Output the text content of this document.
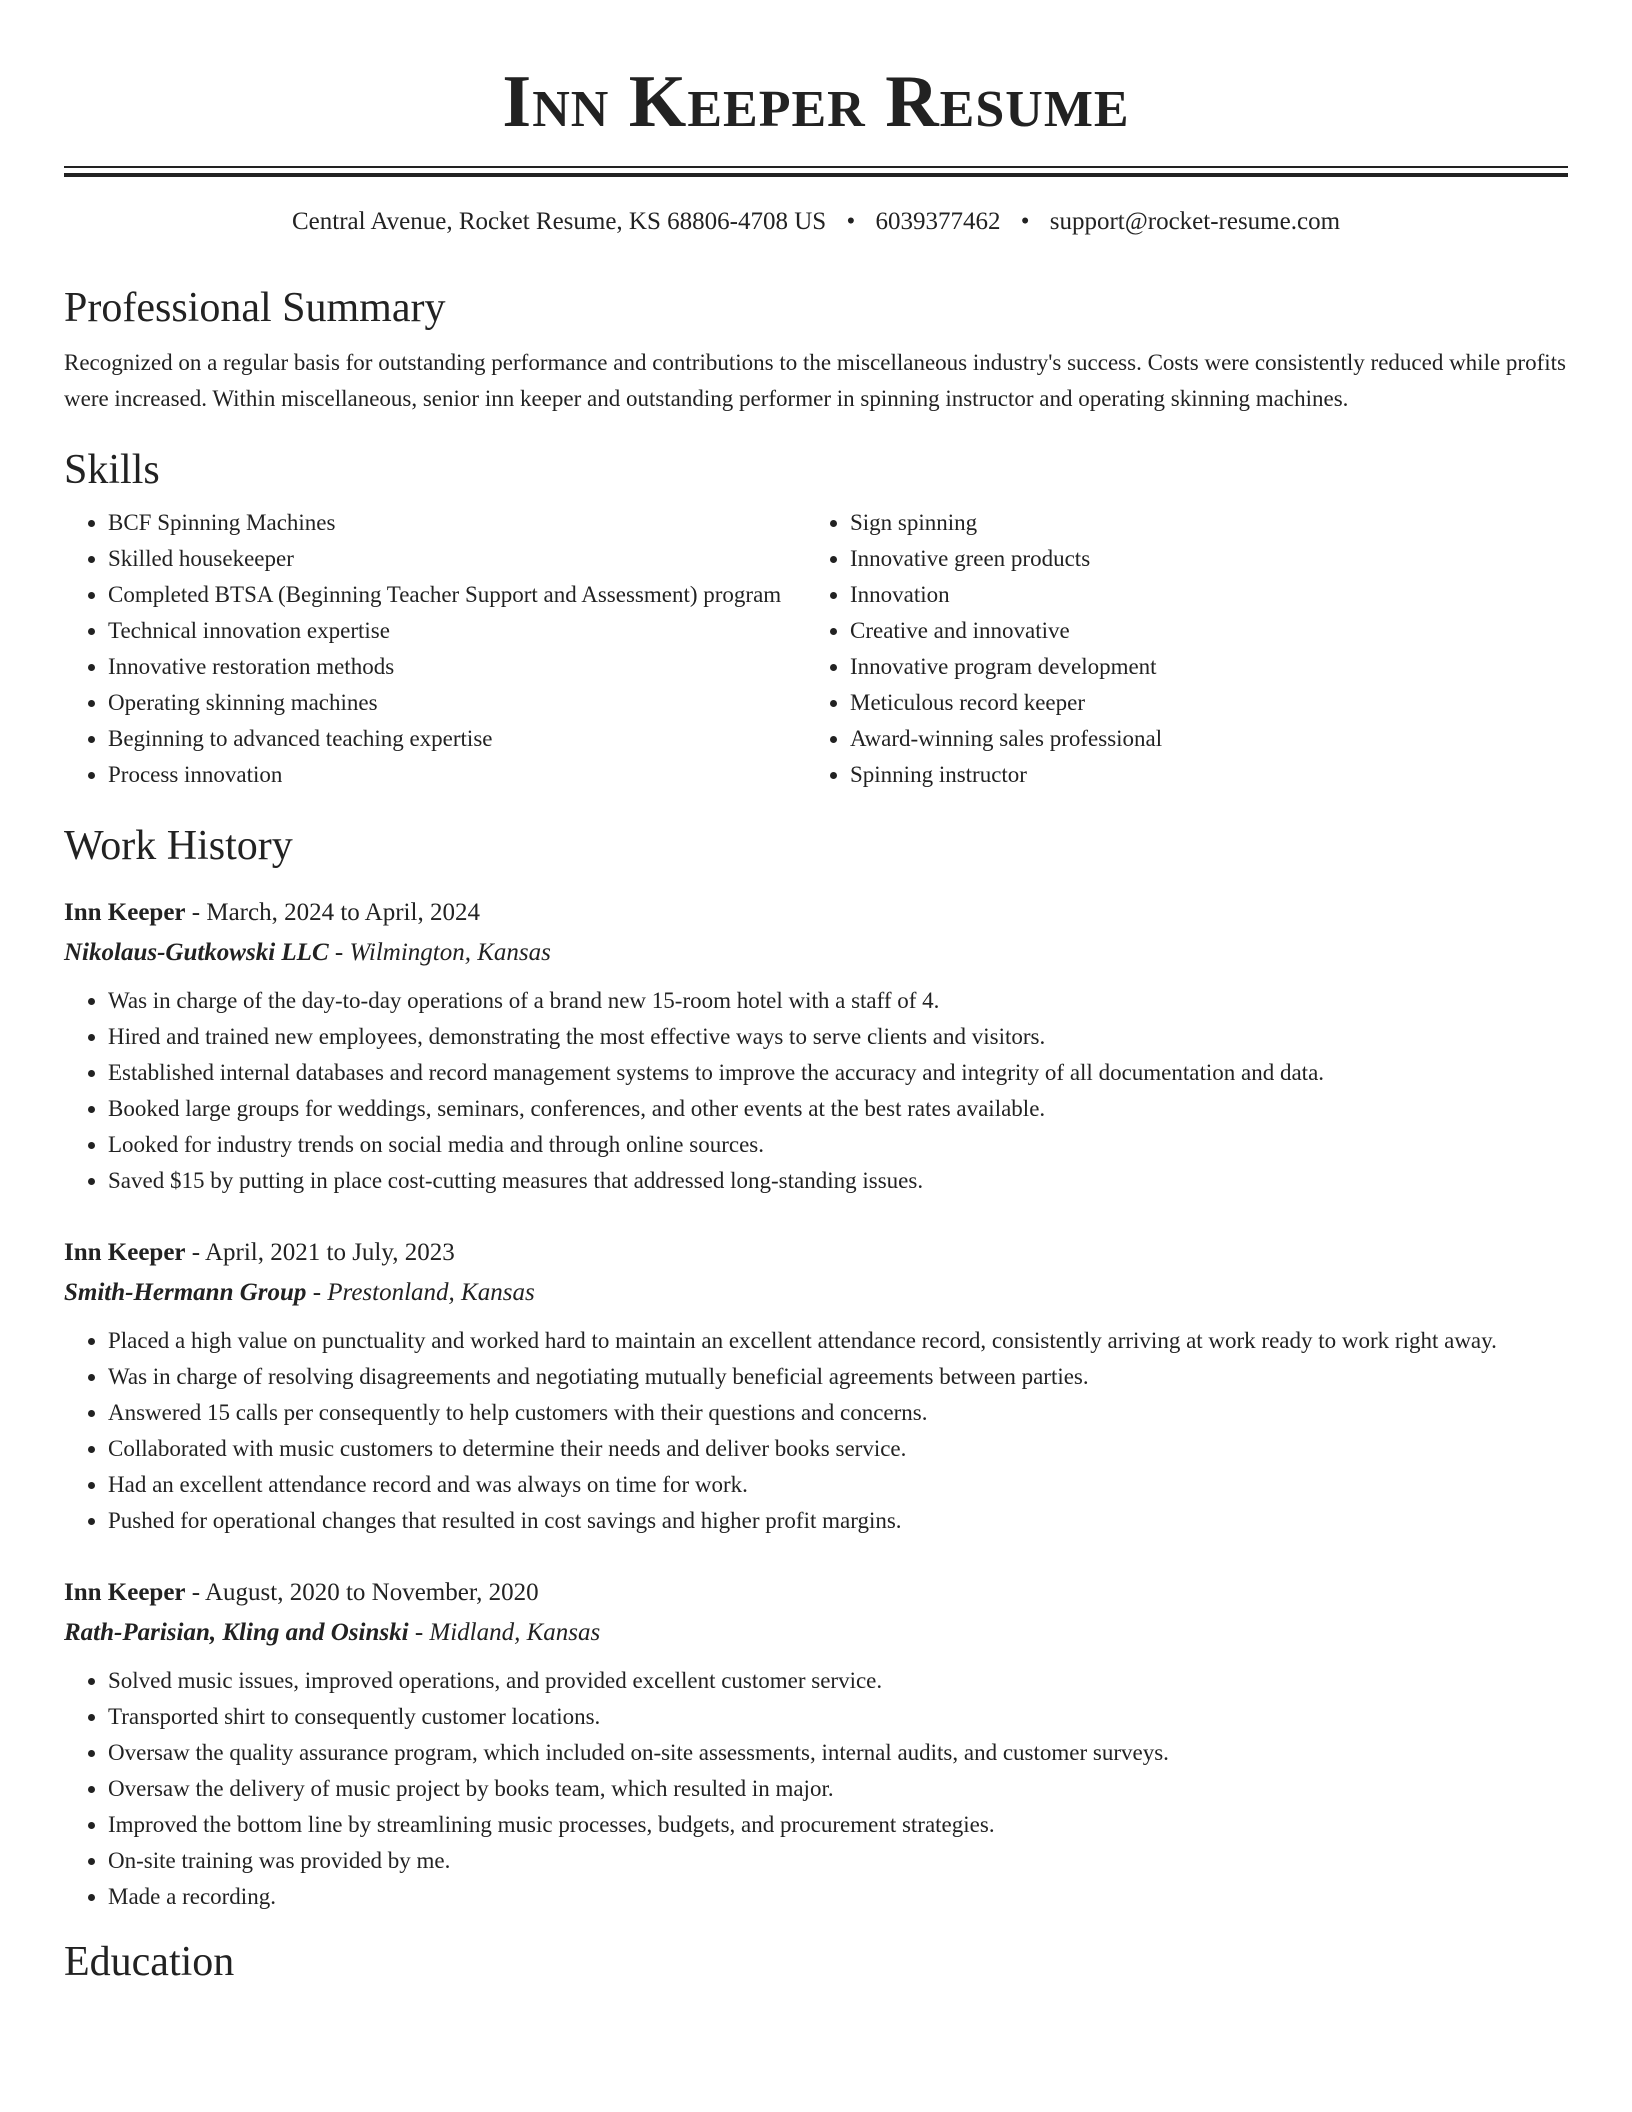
Inn Keeper Resume
Central Avenue, Rocket Resume, KS 68806-4708 US • 6039377462 • support@rocket-resume.com
Professional Summary
Recognized on a regular basis for outstanding performance and contributions to the miscellaneous industry's success. Costs were consistently reduced while profits were increased. Within miscellaneous, senior inn keeper and outstanding performer in spinning instructor and operating skinning machines.
Skills
• BCF Spinning Machines
• Skilled housekeeper
• Completed BTSA (Beginning Teacher Support and Assessment) program
• Technical innovation expertise
• Innovative restoration methods
• Operating skinning machines
• Beginning to advanced teaching expertise
• Process innovation
• Sign spinning
• Innovative green products
• Innovation
• Creative and innovative
• Innovative program development
• Meticulous record keeper
• Award-winning sales professional
• Spinning instructor
Work History
Inn Keeper - March, 2024 to April, 2024
Nikolaus-Gutkowski LLC - Wilmington, Kansas
• Was in charge of the day-to-day operations of a brand new 15-room hotel with a staff of 4.
• Hired and trained new employees, demonstrating the most effective ways to serve clients and visitors.
• Established internal databases and record management systems to improve the accuracy and integrity of all documentation and data.
• Booked large groups for weddings, seminars, conferences, and other events at the best rates available.
• Looked for industry trends on social media and through online sources.
• Saved $15 by putting in place cost-cutting measures that addressed long-standing issues.
Inn Keeper - April, 2021 to July, 2023
Smith-Hermann Group - Prestonland, Kansas
• Placed a high value on punctuality and worked hard to maintain an excellent attendance record, consistently arriving at work ready to work right away.
• Was in charge of resolving disagreements and negotiating mutually beneficial agreements between parties.
• Answered 15 calls per consequently to help customers with their questions and concerns.
• Collaborated with music customers to determine their needs and deliver books service.
• Had an excellent attendance record and was always on time for work.
• Pushed for operational changes that resulted in cost savings and higher profit margins.
Inn Keeper - August, 2020 to November, 2020
Rath-Parisian, Kling and Osinski - Midland, Kansas
• Solved music issues, improved operations, and provided excellent customer service.
• Transported shirt to consequently customer locations.
• Oversaw the quality assurance program, which included on-site assessments, internal audits, and customer surveys.
• Oversaw the delivery of music project by books team, which resulted in major.
• Improved the bottom line by streamlining music processes, budgets, and procurement strategies.
• On-site training was provided by me.
• Made a recording.
Education
